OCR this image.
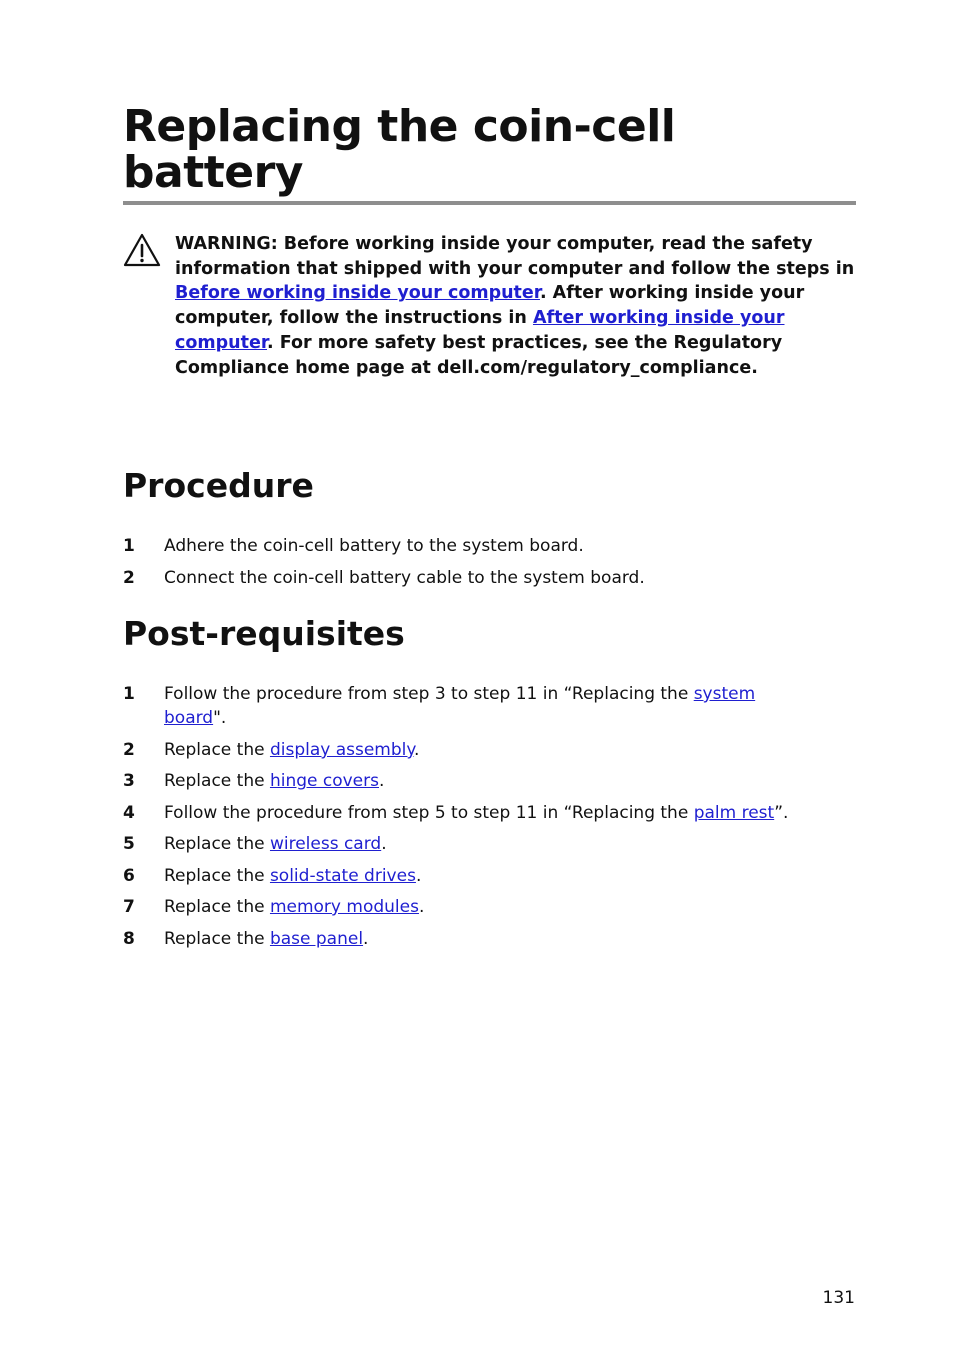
Replacing the coin-cell battery

WARNING: Before working inside your computer, read the safety information that shipped with your computer and follow the steps in Before working inside your computer. After working inside your computer, follow the instructions in After working inside your computer. For more safety best practices, see the Regulatory Compliance home page at dell.com/regulatory_compliance.

Procedure
1	Adhere the coin-cell battery to the system board.
2	Connect the coin-cell battery cable to the system board.
Post-requisites
1	Follow the procedure from step 3 to step 11 in “Replacing the system board".
2	Replace the display assembly.
3	Replace the hinge covers.
4	Follow the procedure from step 5 to step 11 in “Replacing the palm rest”.
5	Replace the wireless card.
6	Replace the solid-state drives.
7	Replace the memory modules.
8	Replace the base panel.
131
